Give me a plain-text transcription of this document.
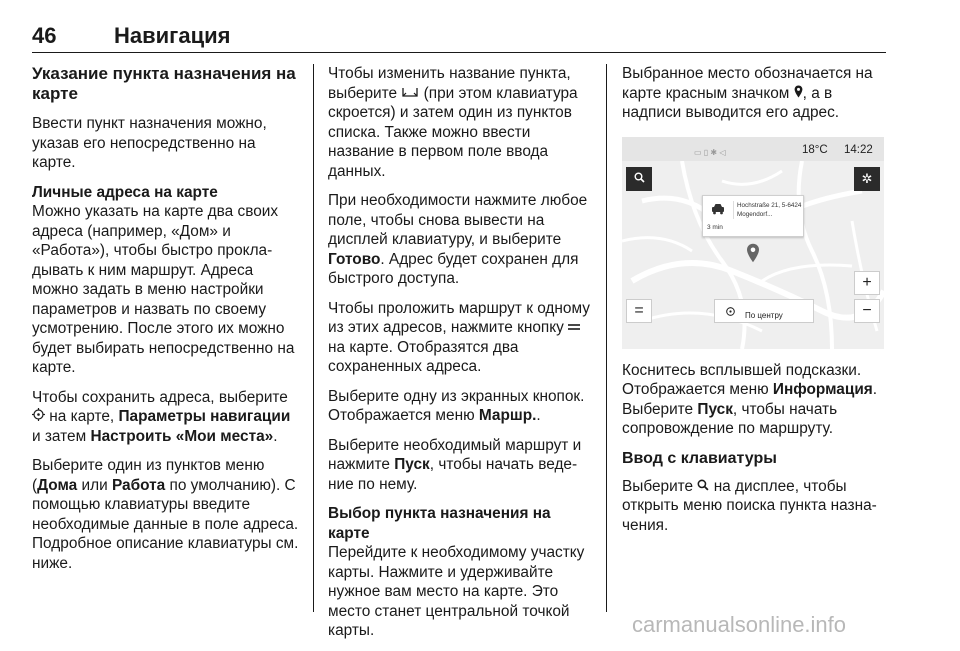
46	Навигация
Указание пункта назначения на карте

Ввести пункт назначения можно, указав его непосредственно на карте.

Личные адреса на карте

Можно указать на карте два своих адреса (например, «Дом» и «Работа»), чтобы быстро прокладывать к ним маршрут. Адреса можно задать в меню настройки параметров и назвать по своему усмотрению. После этого их можно будет выбирать непосредственно на карте.

Чтобы сохранить адреса, выберите  на карте, Параметры навигации и затем Настроить «Мои места».

Выберите один из пунктов меню (Дома или Работа по умолчанию). С помощью клавиатуры введите необходимые данные в поле адреса. Подробное описание клавиатуры см. ниже.

Чтобы изменить название пункта, выберите (при этом клавиатура скроется) и затем один из пунктов списка. Также можно ввести название в первом поле ввода данных.

При необходимости нажмите любое поле, чтобы снова вывести на дисплей клавиатуру, и выберите Готово. Адрес будет сохранен для быстрого доступа.

Чтобы проложить маршрут к одному из этих адресов, нажмите кнопку  на карте. Отобразятся два сохраненных адреса.

Выберите одну из экранных кнопок. Отображается меню Маршр..

Выберите необходимый маршрут и нажмите Пуск, чтобы начать ведение по нему.

Выбор пункта назначения на карте

Перейдите к необходимому участку карты. Нажмите и удерживайте нужное вам место на карте. Это место станет центральной точкой карты.

Выбранное место обозначается на карте красным значком , а в надписи выводится его адрес.

▭ ▯ ✱ ◁	18°C 14:22
✲
3 min
Hochstraße 21, 5-6424 Mogendorf...
+
−
=	По центру

Коснитесь всплывшей подсказки. Отображается меню Информация. Выберите Пуск, чтобы начать сопровождение по маршруту.

Ввод с клавиатуры

Выберите на дисплее, чтобы открыть меню поиска пункта назначения.

carmanualsonline.info
